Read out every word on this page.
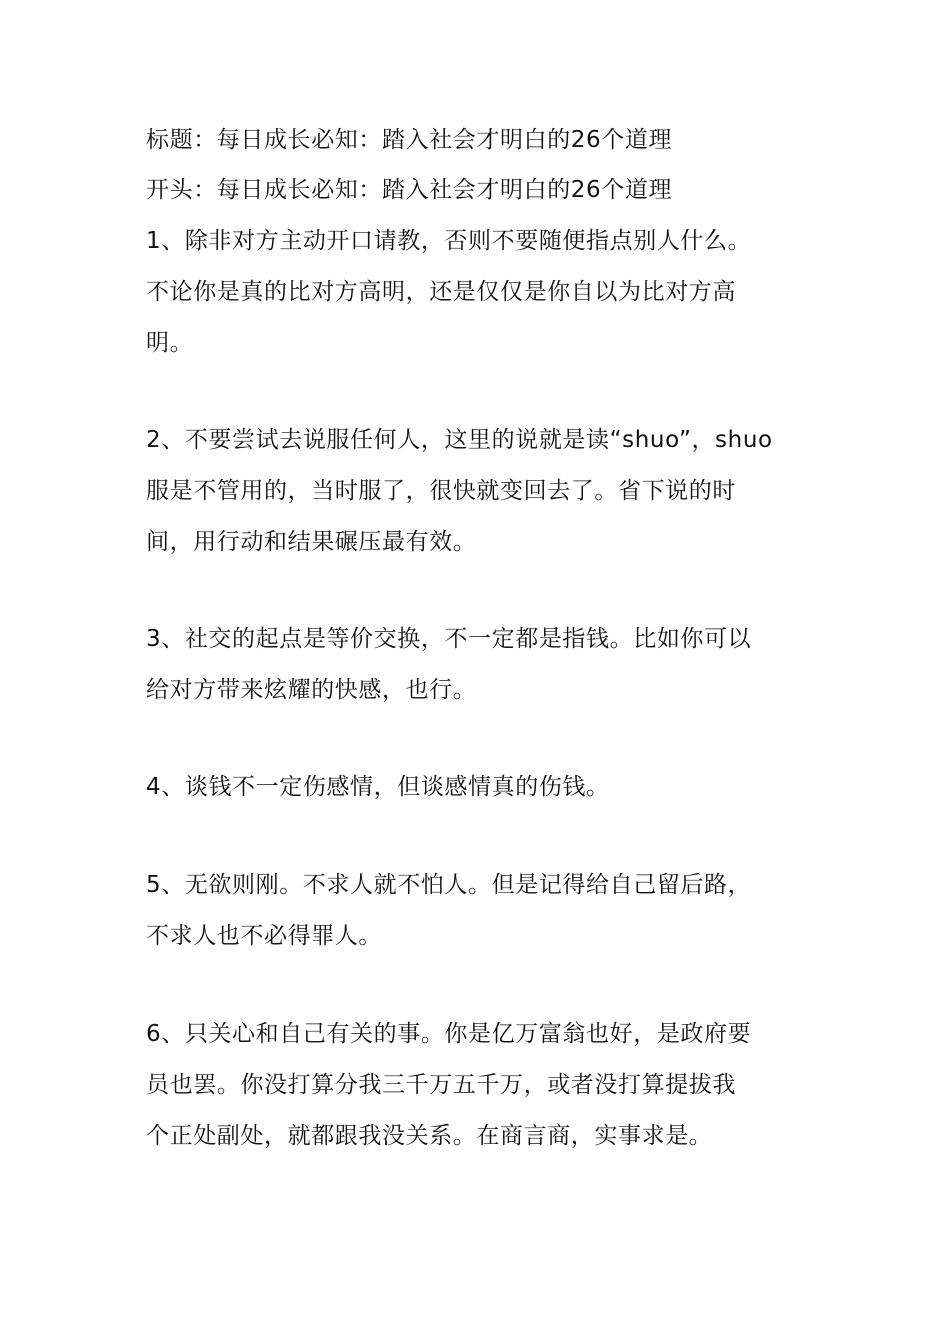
标题：每日成长必知：踏入社会才明白的26个道理
开头：每日成长必知：踏入社会才明白的26个道理
1、除非对方主动开口请教，否则不要随便指点别人什么。
不论你是真的比对方高明，还是仅仅是你自以为比对方高
明。
2、不要尝试去说服任何人，这里的说就是读“shuo”，shuo
服是不管用的，当时服了，很快就变回去了。省下说的时
间，用行动和结果碾压最有效。
3、社交的起点是等价交换，不一定都是指钱。比如你可以
给对方带来炫耀的快感，也行。
4、谈钱不一定伤感情，但谈感情真的伤钱。
5、无欲则刚。不求人就不怕人。但是记得给自己留后路，
不求人也不必得罪人。
6、只关心和自己有关的事。你是亿万富翁也好，是政府要
员也罢。你没打算分我三千万五千万，或者没打算提拔我
个正处副处，就都跟我没关系。在商言商，实事求是。
